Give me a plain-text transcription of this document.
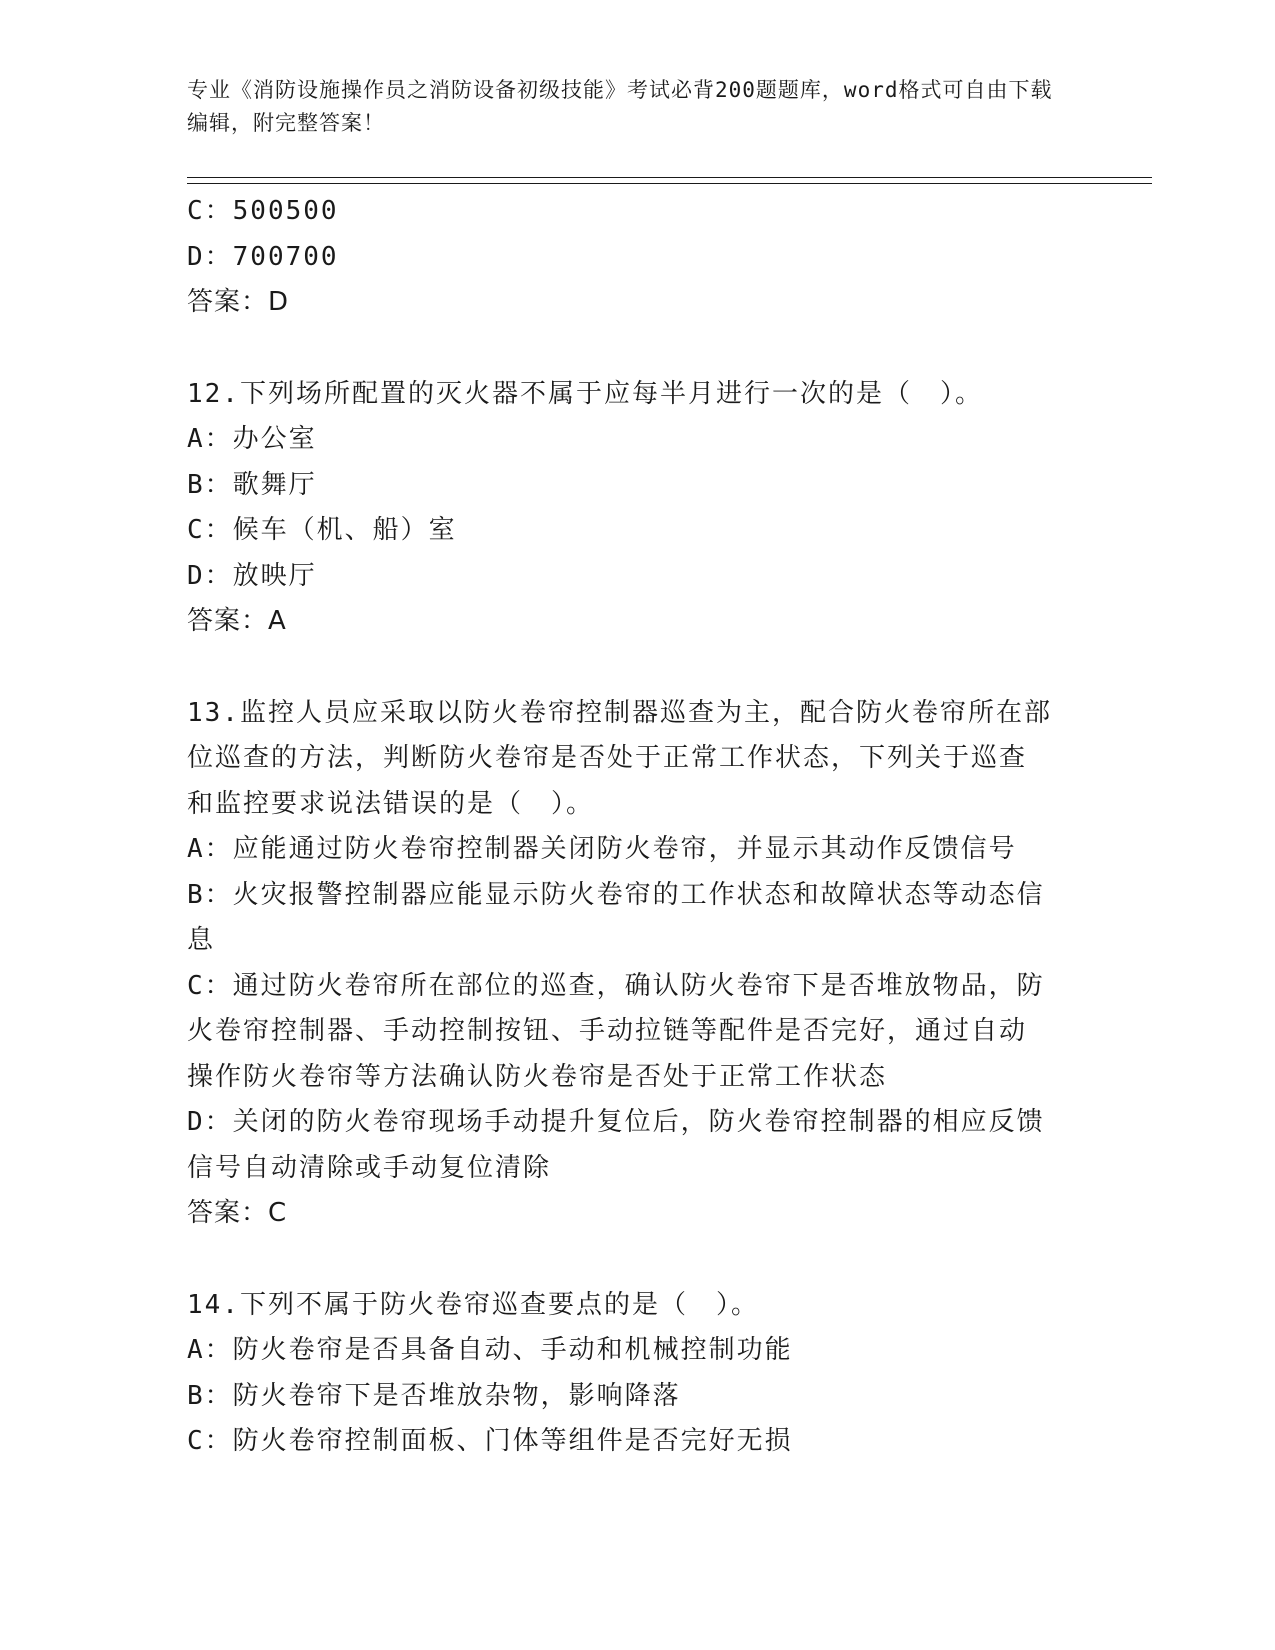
专业《消防设施操作员之消防设备初级技能》考试必背200题题库，word格式可自由下载编辑，附完整答案！

C：500500

D：700700

答案：D

12.下列场所配置的灭火器不属于应每半月进行一次的是（　）。

A：办公室

B：歌舞厅

C：候车（机、船）室

D：放映厅

答案：A

13.监控人员应采取以防火卷帘控制器巡查为主，配合防火卷帘所在部

位巡查的方法，判断防火卷帘是否处于正常工作状态，下列关于巡查

和监控要求说法错误的是（　）。

A：应能通过防火卷帘控制器关闭防火卷帘，并显示其动作反馈信号

B：火灾报警控制器应能显示防火卷帘的工作状态和故障状态等动态信

息

C：通过防火卷帘所在部位的巡查，确认防火卷帘下是否堆放物品，防

火卷帘控制器、手动控制按钮、手动拉链等配件是否完好，通过自动

操作防火卷帘等方法确认防火卷帘是否处于正常工作状态

D：关闭的防火卷帘现场手动提升复位后，防火卷帘控制器的相应反馈

信号自动清除或手动复位清除

答案：C

14.下列不属于防火卷帘巡查要点的是（　）。

A：防火卷帘是否具备自动、手动和机械控制功能

B：防火卷帘下是否堆放杂物，影响降落

C：防火卷帘控制面板、门体等组件是否完好无损
